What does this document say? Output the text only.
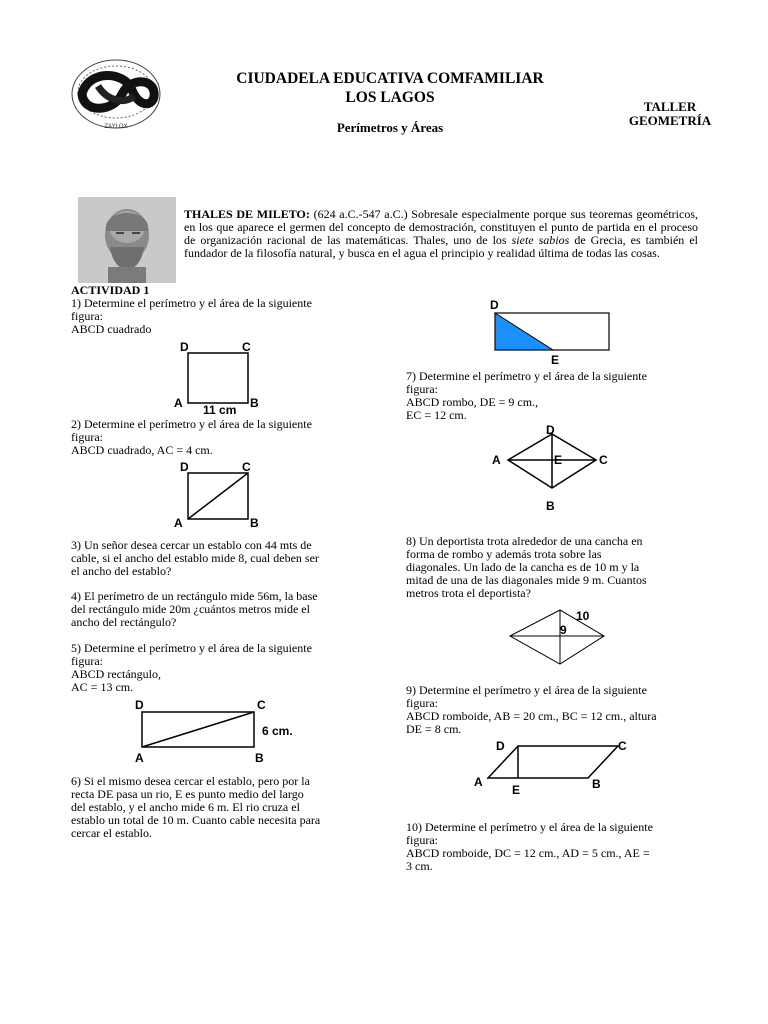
ZAYLOX
CIUDADELA EDUCATIVA COMFAMILIAR
LOS LAGOS
Perímetros y Áreas
TALLER
GEOMETRÍA
THALES DE MILETO: (624 a.C.-547 a.C.) Sobresale especialmente porque sus teoremas geométricos, en los que aparece el germen del concepto de demostración, constituyen el punto de partida en el proceso de organización racional de las matemáticas. Thales, uno de los siete sabios de Grecia, es también el fundador de la filosofía natural, y busca en el agua el principio y realidad última de todas las cosas.
ACTIVIDAD 1
1) Determine el perímetro y el área de la siguiente
figura:
ABCD cuadrado
D	C
A	B
11 cm
2) Determine el perímetro y el área de la siguiente
figura:
ABCD cuadrado, AC = 4 cm.
D	C
A	B
3) Un señor desea cercar un establo con 44 mts de
cable, si el ancho del establo mide 8, cual deben ser
el ancho del establo?
4) El perímetro de un rectángulo mide 56m, la base
del rectángulo mide 20m ¿cuántos metros mide el
ancho del rectángulo?
5) Determine el perímetro y el área de la siguiente
figura:
ABCD rectángulo,
AC = 13 cm.
D	C
A	B
6 cm.
6) Si el mismo desea cercar el establo, pero por la
recta DE pasa un rio, E es punto medio del largo
del establo, y el ancho mide 6 m. El rio cruza el
establo un total de 10 m. Cuanto cable necesita para
cercar el establo.
D
E
7) Determine el perímetro y el área de la siguiente
figura:
ABCD rombo, DE = 9 cm.,
EC = 12 cm.
D
A	C
E
B
8) Un deportista trota alrededor de una cancha en
forma de rombo y además trota sobre las
diagonales. Un lado de la cancha es de 10 m y la
mitad de una de las diagonales mide 9 m. Cuantos
metros trota el deportista?
10
9
9) Determine el perímetro y el área de la siguiente
figura:
ABCD romboide, AB = 20 cm., BC = 12 cm., altura
DE = 8 cm.
D	C
A
E	B
10) Determine el perímetro y el área de la siguiente
figura:
ABCD romboide, DC = 12 cm., AD = 5 cm., AE =
3 cm.
